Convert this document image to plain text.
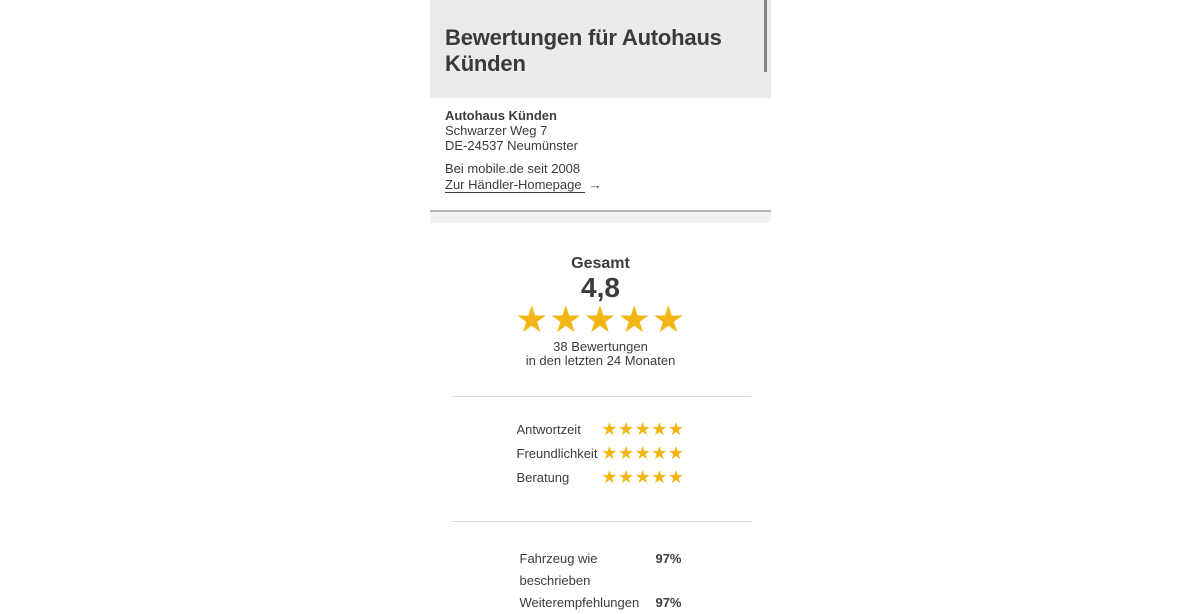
Bewertungen für Autohaus Künden
Autohaus Künden
Schwarzer Weg 7
DE-24537 Neumünster
Bei mobile.de seit 2008
Zur Händler-Homepage →
Gesamt
4,8
★★★★★
38 Bewertungen
in den letzten 24 Monaten
Antwortzeit ★★★★★
Freundlichkeit ★★★★★
Beratung ★★★★★
Fahrzeug wie beschrieben
97%
Weiterempfehlungen 97%
